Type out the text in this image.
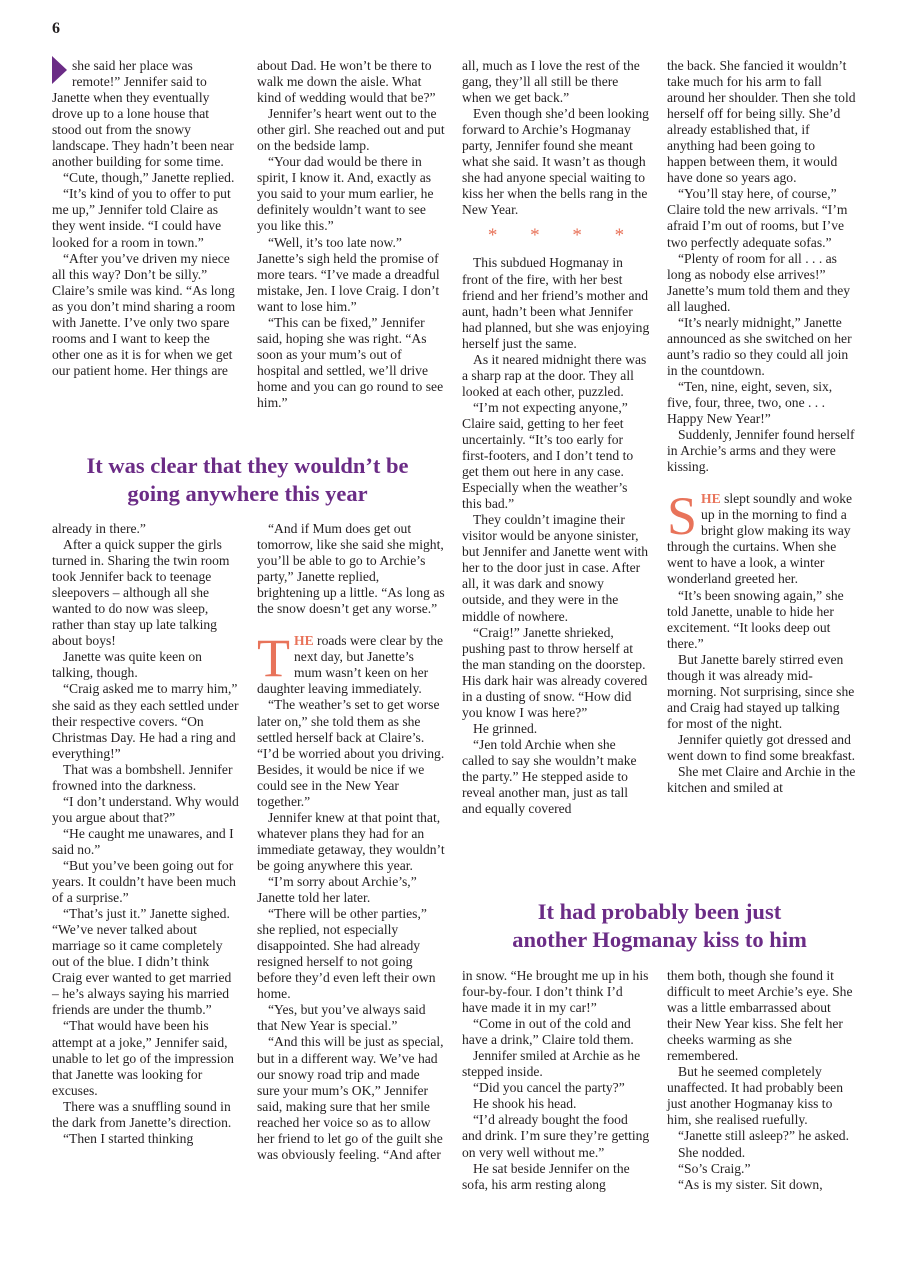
6

she said her place was remote!” Jennifer said to Janette when they eventually drove up to a lone house that stood out from the snowy landscape. They hadn’t been near another building for some time.

“Cute, though,” Janette replied.

“It’s kind of you to offer to put me up,” Jennifer told Claire as they went inside. “I could have looked for a room in town.”

“After you’ve driven my niece all this way? Don’t be silly.” Claire’s smile was kind. “As long as you don’t mind sharing a room with Janette. I’ve only two spare rooms and I want to keep the other one as it is for when we get our patient home. Her things are

about Dad. He won’t be there to walk me down the aisle. What kind of wedding would that be?”

Jennifer’s heart went out to the other girl. She reached out and put on the bedside lamp.

“Your dad would be there in spirit, I know it. And, exactly as you said to your mum earlier, he definitely wouldn’t want to see you like this.”

“Well, it’s too late now.” Janette’s sigh held the promise of more tears. “I’ve made a dreadful mistake, Jen. I love Craig. I don’t want to lose him.”

“This can be fixed,” Jennifer said, hoping she was right. “As soon as your mum’s out of hospital and settled, we’ll drive home and you can go round to see him.”

It was clear that they wouldn’t be
going anywhere this year

already in there.”

After a quick supper the girls turned in. Sharing the twin room took Jennifer back to teenage sleepovers – although all she wanted to do now was sleep, rather than stay up late talking about boys!

Janette was quite keen on talking, though.

“Craig asked me to marry him,” she said as they each settled under their respective covers. “On Christmas Day. He had a ring and everything!”

That was a bombshell. Jennifer frowned into the darkness.

“I don’t understand. Why would you argue about that?”

“He caught me unawares, and I said no.”

“But you’ve been going out for years. It couldn’t have been much of a surprise.”

“That’s just it.” Janette sighed. “We’ve never talked about marriage so it came completely out of the blue. I didn’t think Craig ever wanted to get married – he’s always saying his married friends are under the thumb.”

“That would have been his attempt at a joke,” Jennifer said, unable to let go of the impression that Janette was looking for excuses.

There was a snuffling sound in the dark from Janette’s direction.

“Then I started thinking

“And if Mum does get out tomorrow, like she said she might, you’ll be able to go to Archie’s party,” Janette replied, brightening up a little. “As long as the snow doesn’t get any worse.”

THE roads were clear by the next day, but Janette’s mum wasn’t keen on her daughter leaving immediately.

“The weather’s set to get worse later on,” she told them as she settled herself back at Claire’s. “I’d be worried about you driving. Besides, it would be nice if we could see in the New Year together.”

Jennifer knew at that point that, whatever plans they had for an immediate getaway, they wouldn’t be going anywhere this year.

“I’m sorry about Archie’s,” Janette told her later.

“There will be other parties,” she replied, not especially disappointed. She had already resigned herself to not going before they’d even left their own home.

“Yes, but you’ve always said that New Year is special.”

“And this will be just as special, but in a different way. We’ve had our snowy road trip and made sure your mum’s OK,” Jennifer said, making sure that her smile reached her voice so as to allow her friend to let go of the guilt she was obviously feeling. “And after

all, much as I love the rest of the gang, they’ll all still be there when we get back.”

Even though she’d been looking forward to Archie’s Hogmanay party, Jennifer found she meant what she said. It wasn’t as though she had anyone special waiting to kiss her when the bells rang in the New Year.

* * * *

This subdued Hogmanay in front of the fire, with her best friend and her friend’s mother and aunt, hadn’t been what Jennifer had planned, but she was enjoying herself just the same.

As it neared midnight there was a sharp rap at the door. They all looked at each other, puzzled.

“I’m not expecting anyone,” Claire said, getting to her feet uncertainly. “It’s too early for first-footers, and I don’t tend to get them out here in any case. Especially when the weather’s this bad.”

They couldn’t imagine their visitor would be anyone sinister, but Jennifer and Janette went with her to the door just in case. After all, it was dark and snowy outside, and they were in the middle of nowhere.

“Craig!” Janette shrieked, pushing past to throw herself at the man standing on the doorstep. His dark hair was already covered in a dusting of snow. “How did you know I was here?”

He grinned.

“Jen told Archie when she called to say she wouldn’t make the party.” He stepped aside to reveal another man, just as tall and equally covered

the back. She fancied it wouldn’t take much for his arm to fall around her shoulder. Then she told herself off for being silly. She’d already established that, if anything had been going to happen between them, it would have done so years ago.

“You’ll stay here, of course,” Claire told the new arrivals. “I’m afraid I’m out of rooms, but I’ve two perfectly adequate sofas.”

“Plenty of room for all . . . as long as nobody else arrives!” Janette’s mum told them and they all laughed.

“It’s nearly midnight,” Janette announced as she switched on her aunt’s radio so they could all join in the countdown.

“Ten, nine, eight, seven, six, five, four, three, two, one . . . Happy New Year!”

Suddenly, Jennifer found herself in Archie’s arms and they were kissing.

SHE slept soundly and woke up in the morning to find a bright glow making its way through the curtains. When she went to have a look, a winter wonderland greeted her.

“It’s been snowing again,” she told Janette, unable to hide her excitement. “It looks deep out there.”

But Janette barely stirred even though it was already mid-morning. Not surprising, since she and Craig had stayed up talking for most of the night.

Jennifer quietly got dressed and went down to find some breakfast.

She met Claire and Archie in the kitchen and smiled at

It had probably been just
another Hogmanay kiss to him

in snow. “He brought me up in his four-by-four. I don’t think I’d have made it in my car!”

“Come in out of the cold and have a drink,” Claire told them.

Jennifer smiled at Archie as he stepped inside.

“Did you cancel the party?”

He shook his head.

“I’d already bought the food and drink. I’m sure they’re getting on very well without me.”

He sat beside Jennifer on the sofa, his arm resting along

them both, though she found it difficult to meet Archie’s eye. She was a little embarrassed about their New Year kiss. She felt her cheeks warming as she remembered.

But he seemed completely unaffected. It had probably been just another Hogmanay kiss to him, she realised ruefully.

“Janette still asleep?” he asked.

She nodded.

“So’s Craig.”

“As is my sister. Sit down,
